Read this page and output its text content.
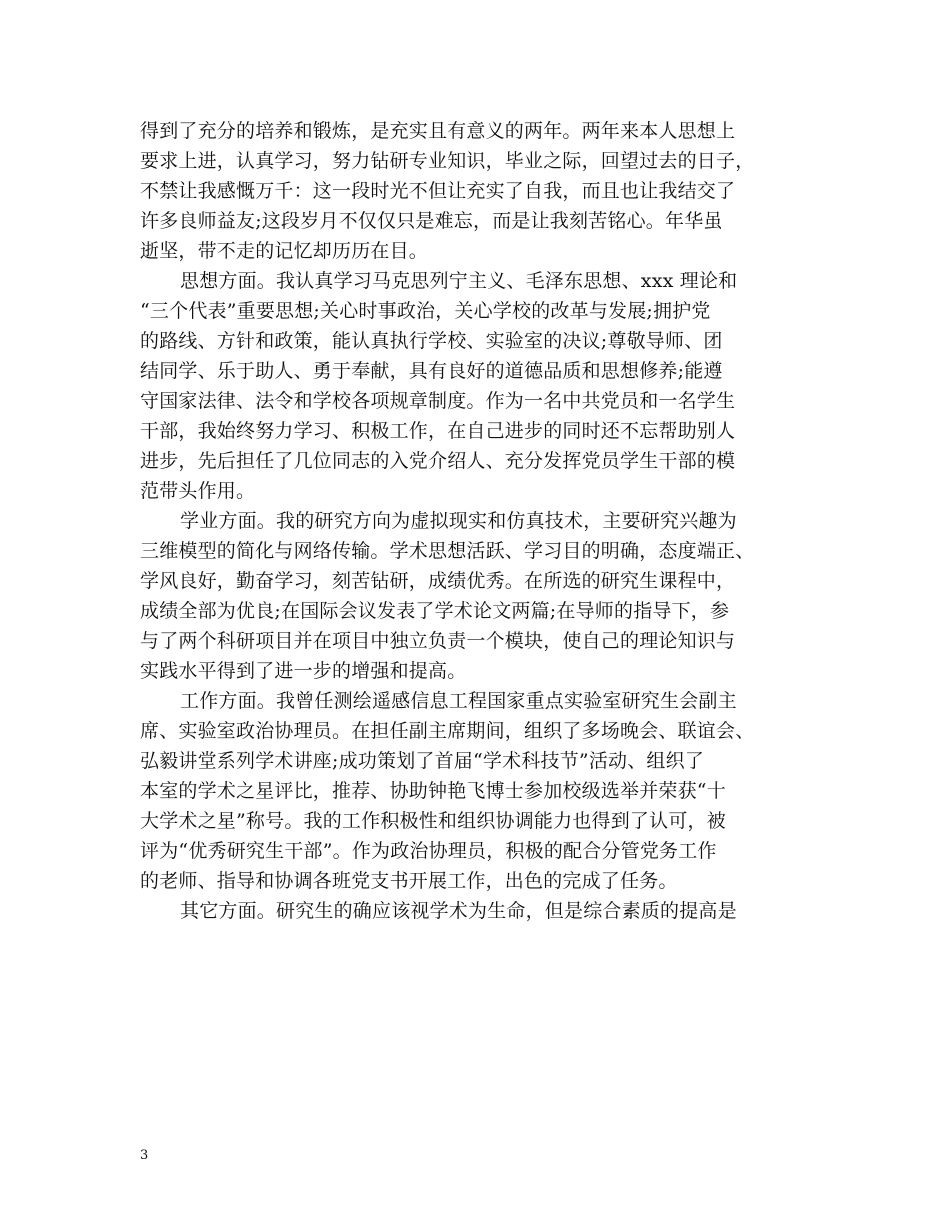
得到了充分的培养和锻炼，是充实且有意义的两年。两年来本人思想上
要求上进，认真学习，努力钻研专业知识，毕业之际，回望过去的日子，
不禁让我感慨万千：这一段时光不但让充实了自我，而且也让我结交了
许多良师益友;这段岁月不仅仅只是难忘，而是让我刻苦铭心。年华虽
逝坚，带不走的记忆却历历在目。
思想方面。我认真学习马克思列宁主义、毛泽东思想、xxx 理论和
“三个代表”重要思想;关心时事政治，关心学校的改革与发展;拥护党
的路线、方针和政策，能认真执行学校、实验室的决议;尊敬导师、团
结同学、乐于助人、勇于奉献，具有良好的道德品质和思想修养;能遵
守国家法律、法令和学校各项规章制度。作为一名中共党员和一名学生
干部，我始终努力学习、积极工作，在自己进步的同时还不忘帮助别人
进步，先后担任了几位同志的入党介绍人、充分发挥党员学生干部的模
范带头作用。
学业方面。我的研究方向为虚拟现实和仿真技术，主要研究兴趣为
三维模型的简化与网络传输。学术思想活跃、学习目的明确，态度端正、
学风良好，勤奋学习，刻苦钻研，成绩优秀。在所选的研究生课程中，
成绩全部为优良;在国际会议发表了学术论文两篇;在导师的指导下，参
与了两个科研项目并在项目中独立负责一个模块，使自己的理论知识与
实践水平得到了进一步的增强和提高。
工作方面。我曾任测绘遥感信息工程国家重点实验室研究生会副主
席、实验室政治协理员。在担任副主席期间，组织了多场晚会、联谊会、
弘毅讲堂系列学术讲座;成功策划了首届“学术科技节”活动、组织了
本室的学术之星评比，推荐、协助钟艳飞博士参加校级选举并荣获“十
大学术之星”称号。我的工作积极性和组织协调能力也得到了认可，被
评为“优秀研究生干部”。作为政治协理员，积极的配合分管党务工作
的老师、指导和协调各班党支书开展工作，出色的完成了任务。
其它方面。研究生的确应该视学术为生命，但是综合素质的提高是
3
